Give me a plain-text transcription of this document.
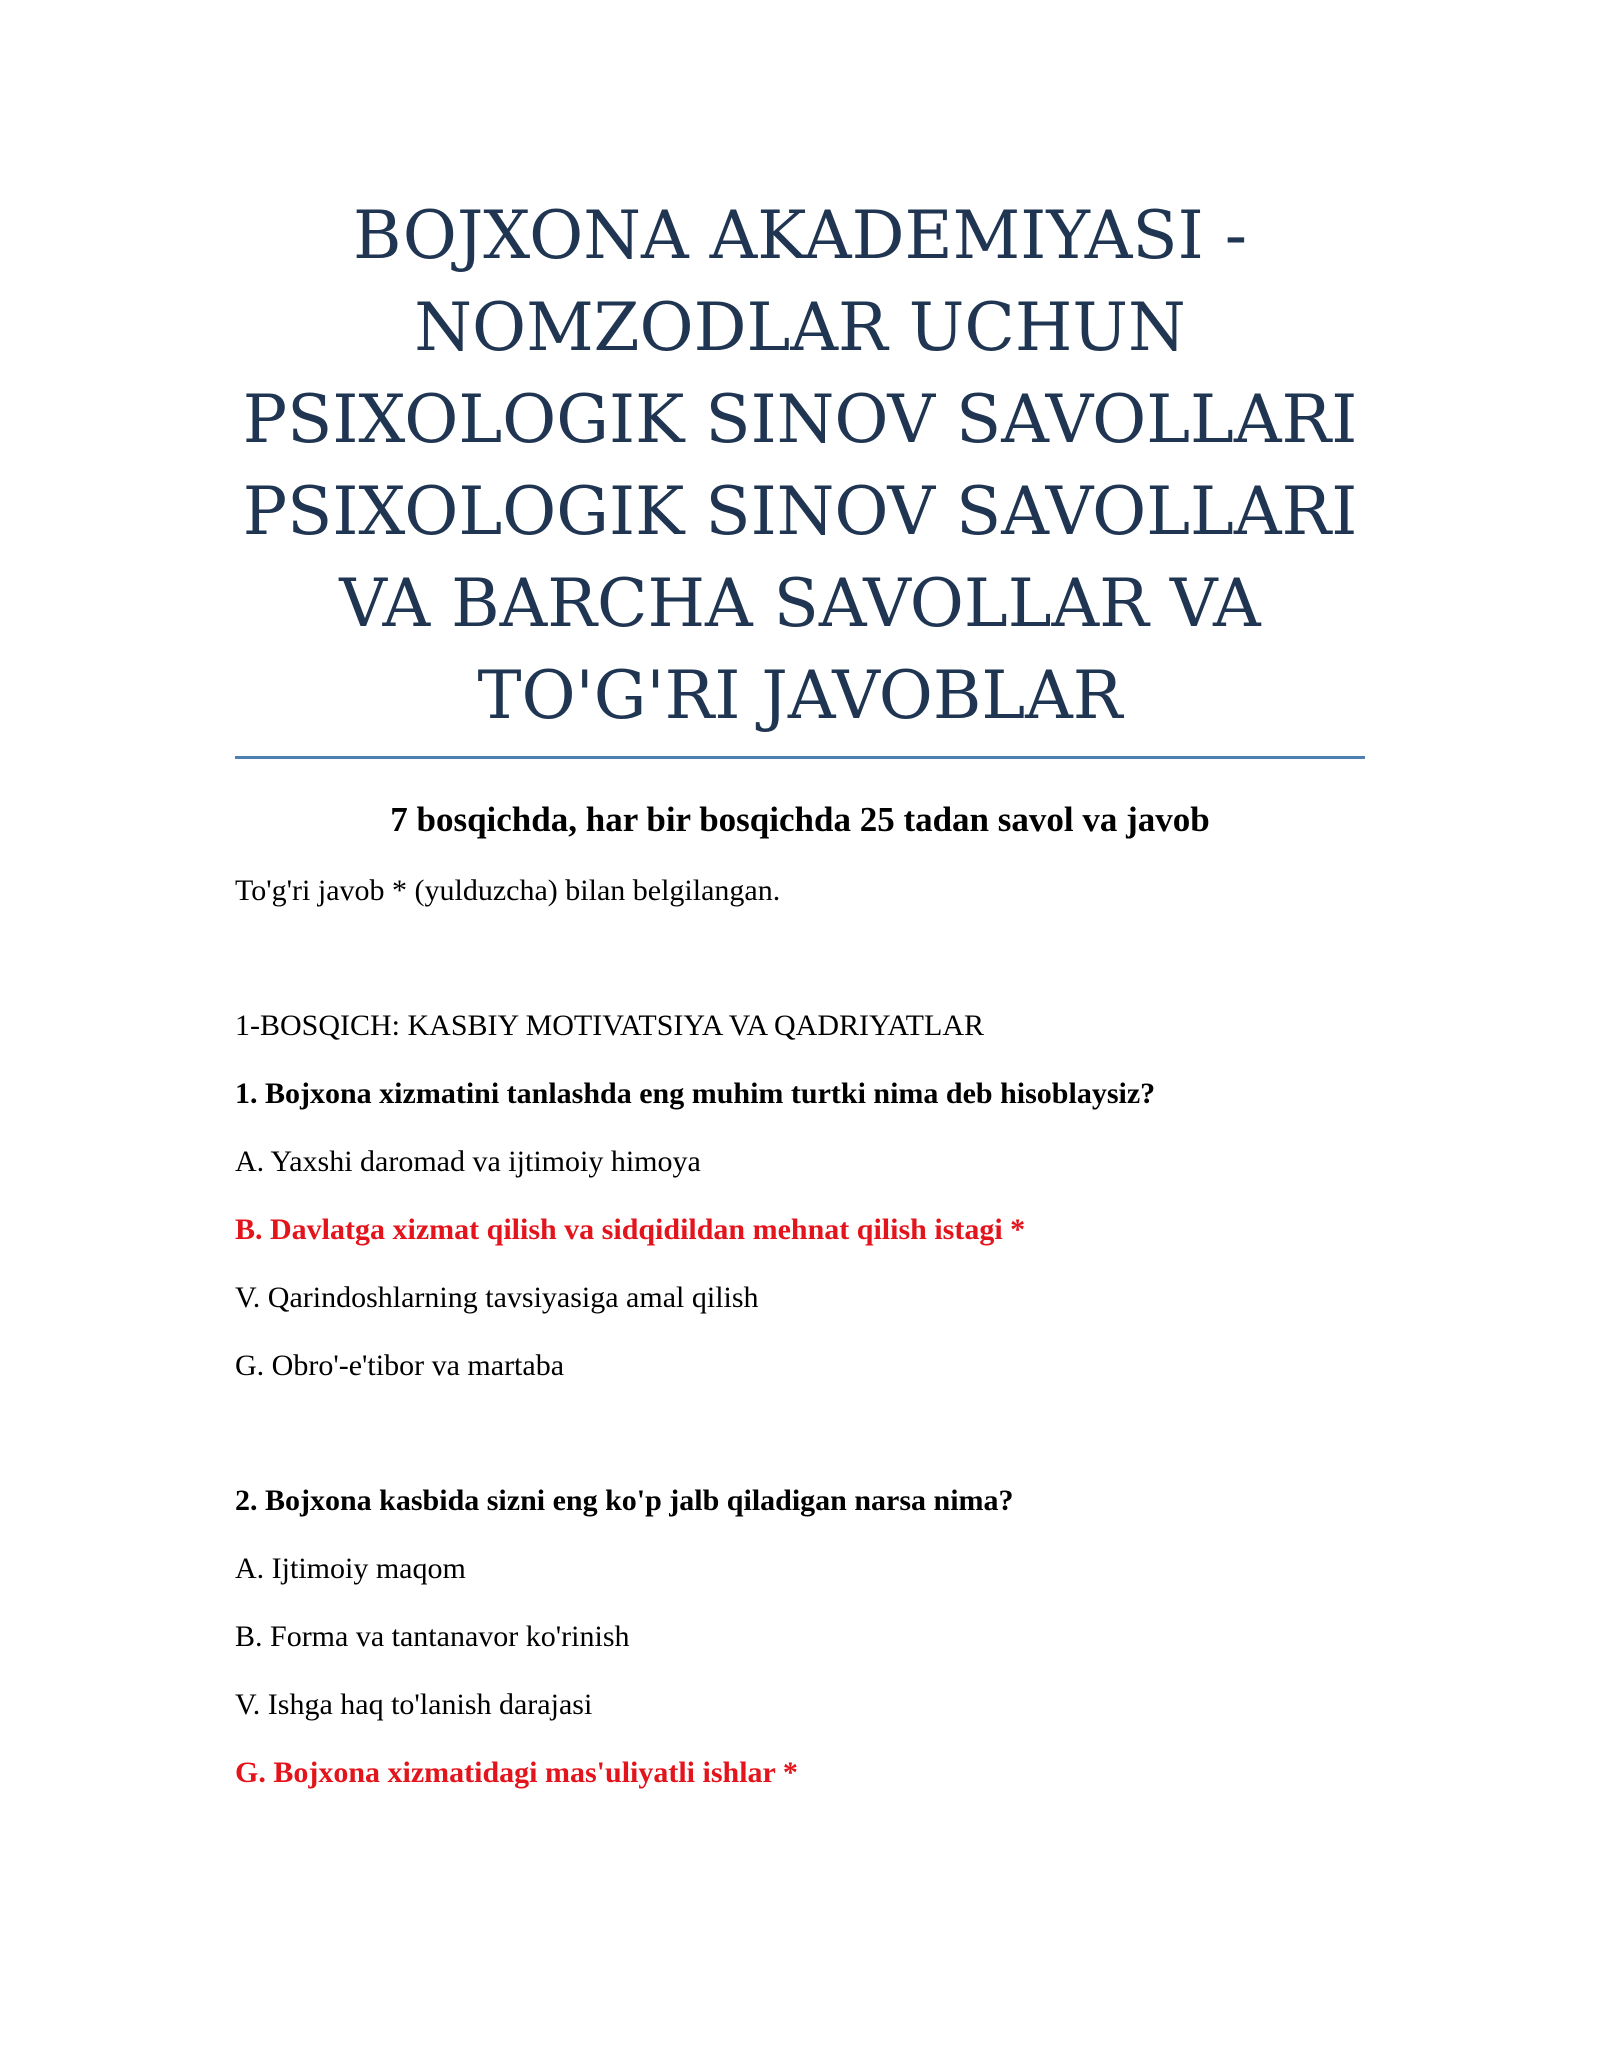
BOJXONA AKADEMIYASI -
NOMZODLAR UCHUN
PSIXOLOGIK SINOV SAVOLLARI
PSIXOLOGIK SINOV SAVOLLARI
VA BARCHA SAVOLLAR VA
TO'G'RI JAVOBLAR

7 bosqichda, har bir bosqichda 25 tadan savol va javob

To'g'ri javob * (yulduzcha) bilan belgilangan.

1-BOSQICH: KASBIY MOTIVATSIYA VA QADRIYATLAR

1. Bojxona xizmatini tanlashda eng muhim turtki nima deb hisoblaysiz?

A. Yaxshi daromad va ijtimoiy himoya

B. Davlatga xizmat qilish va sidqidildan mehnat qilish istagi *

V. Qarindoshlarning tavsiyasiga amal qilish

G. Obro'-e'tibor va martaba

2. Bojxona kasbida sizni eng ko'p jalb qiladigan narsa nima?

A. Ijtimoiy maqom

B. Forma va tantanavor ko'rinish

V. Ishga haq to'lanish darajasi

G. Bojxona xizmatidagi mas'uliyatli ishlar *
